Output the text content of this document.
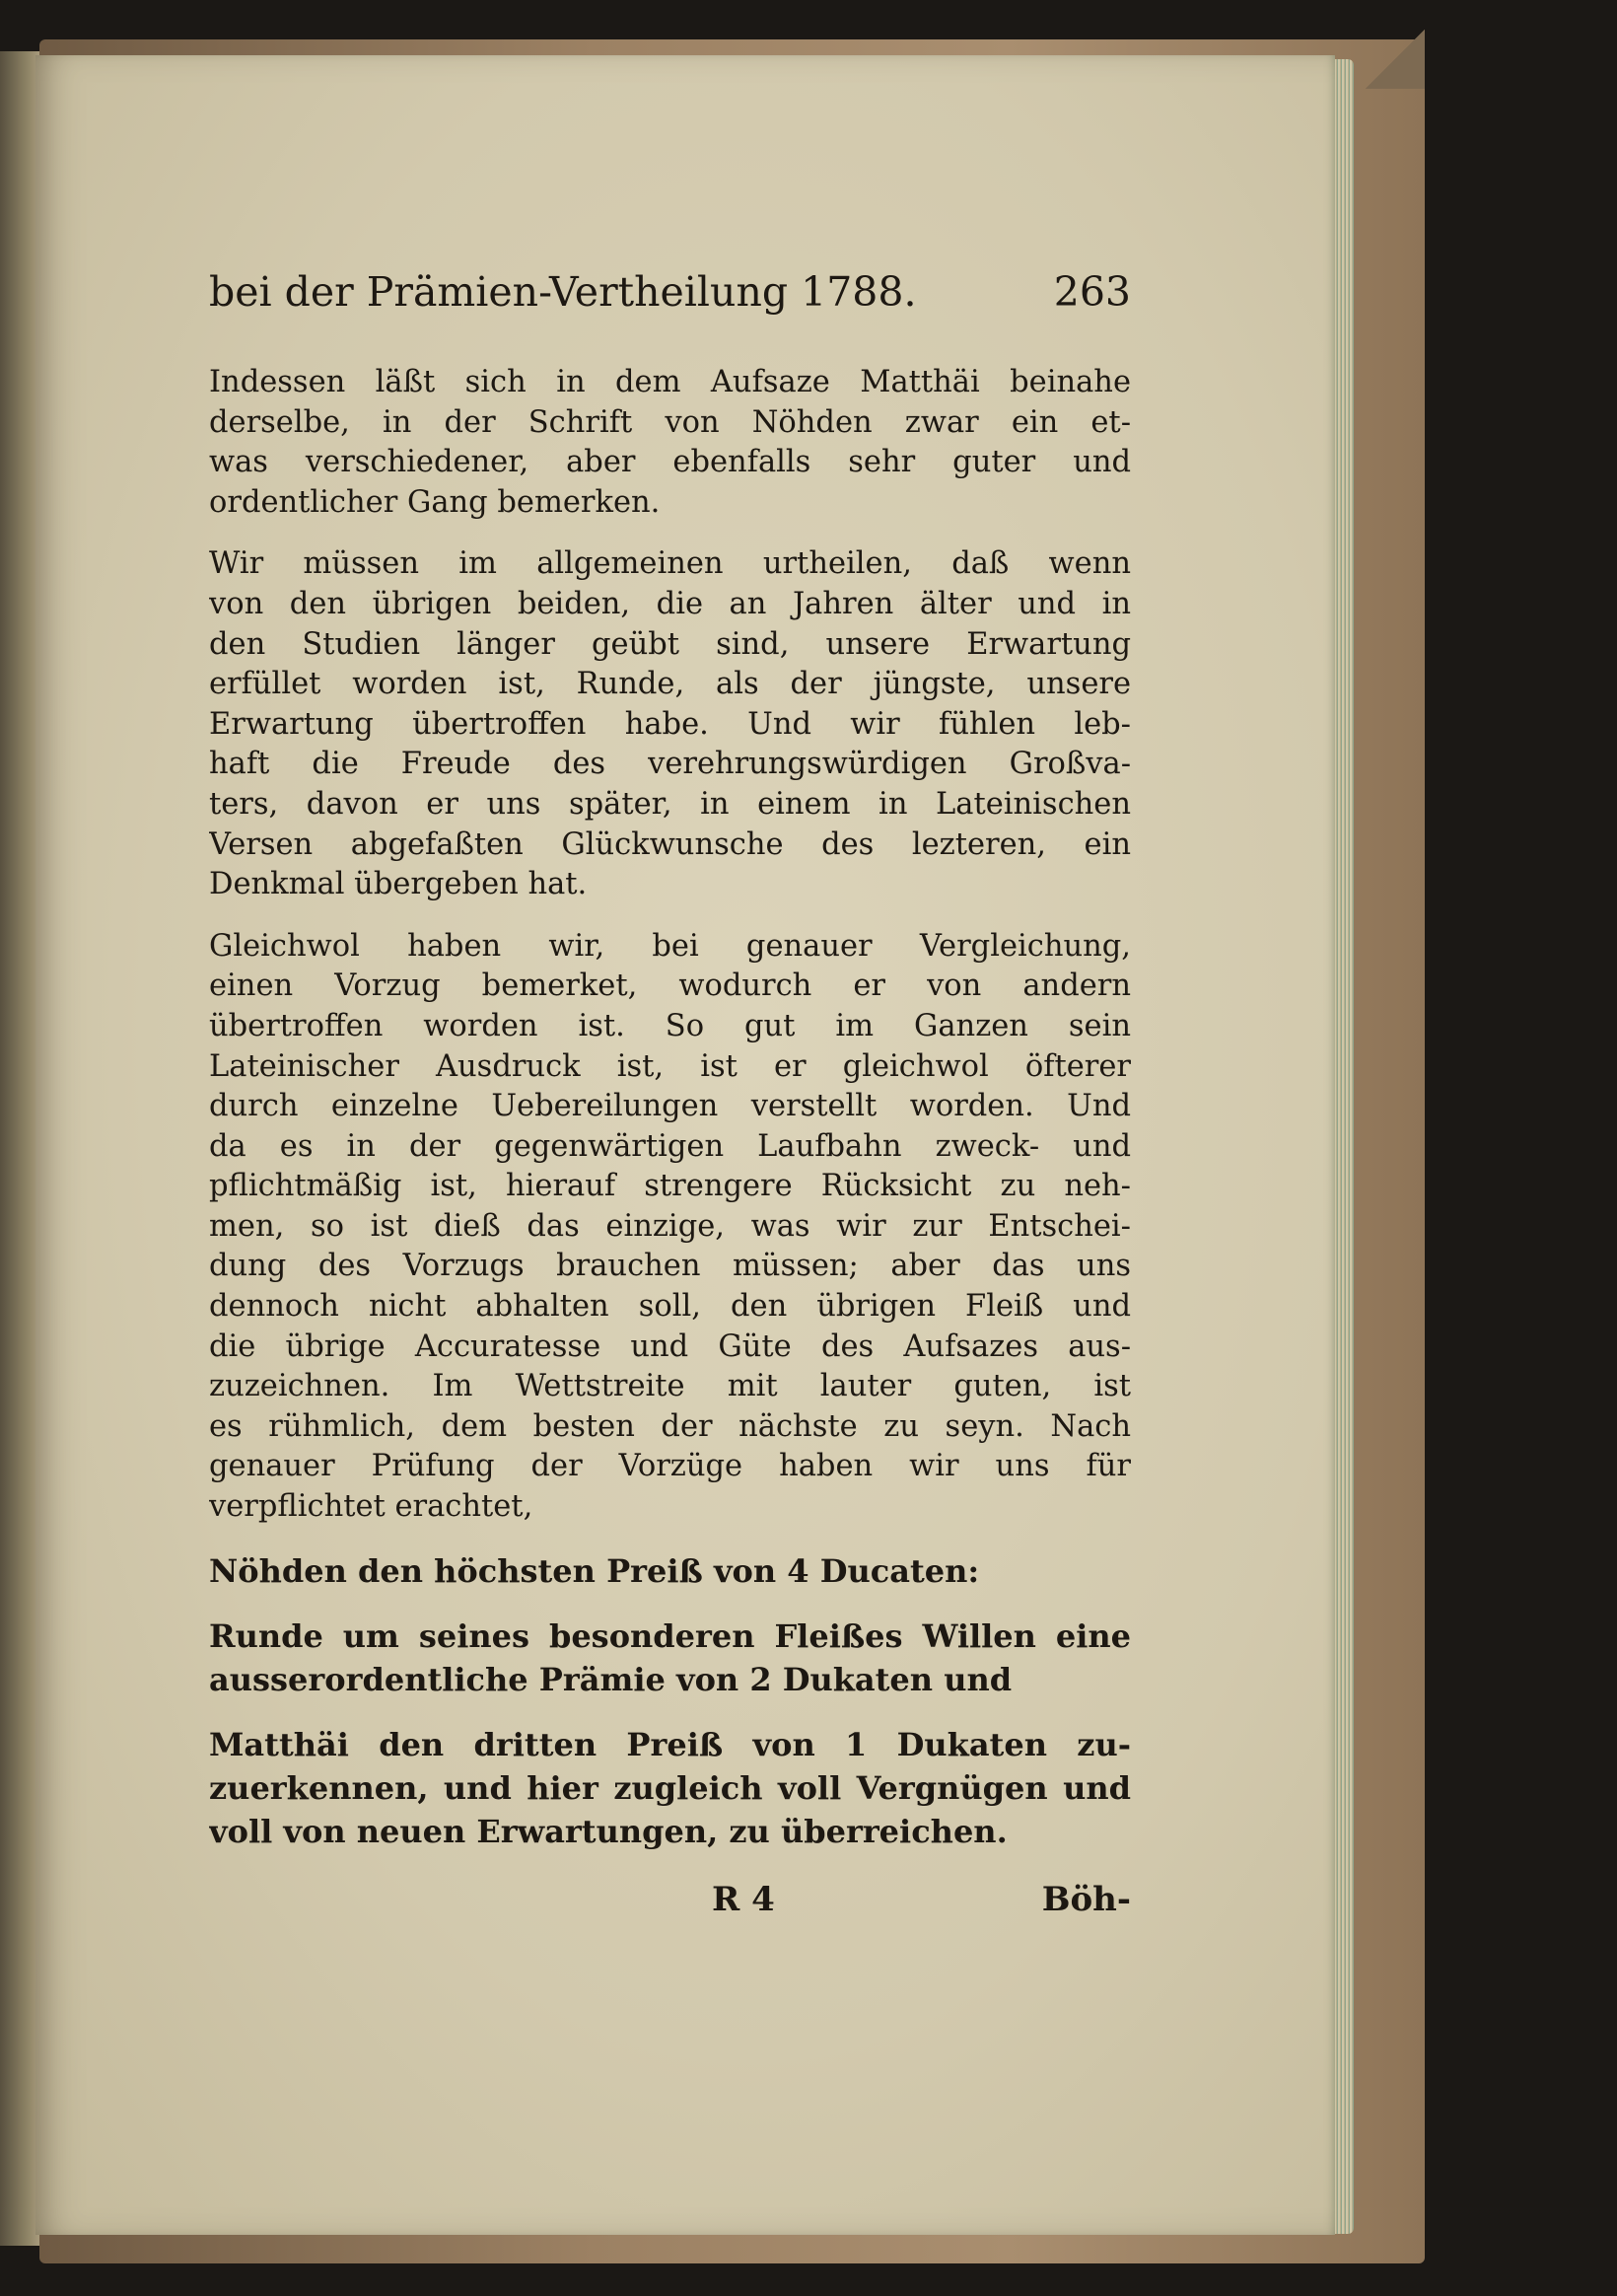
bei der Prämien-Vertheilung 1788.	263
Indessen läßt sich in dem Aufsaze Matthäi beinahe
derselbe, in der Schrift von Nöhden zwar ein et-
was verschiedener, aber ebenfalls sehr guter und
ordentlicher Gang bemerken.
Wir müssen im allgemeinen urtheilen, daß wenn
von den übrigen beiden, die an Jahren älter und in
den Studien länger geübt sind, unsere Erwartung
erfüllet worden ist, Runde, als der jüngste, unsere
Erwartung übertroffen habe. Und wir fühlen leb-
haft die Freude des verehrungswürdigen Großva-
ters, davon er uns später, in einem in Lateinischen
Versen abgefaßten Glückwunsche des lezteren, ein
Denkmal übergeben hat.
Gleichwol haben wir, bei genauer Vergleichung,
einen Vorzug bemerket, wodurch er von andern
übertroffen worden ist. So gut im Ganzen sein
Lateinischer Ausdruck ist, ist er gleichwol öfterer
durch einzelne Uebereilungen verstellt worden. Und
da es in der gegenwärtigen Laufbahn zweck- und
pflichtmäßig ist, hierauf strengere Rücksicht zu neh-
men, so ist dieß das einzige, was wir zur Entschei-
dung des Vorzugs brauchen müssen; aber das uns
dennoch nicht abhalten soll, den übrigen Fleiß und
die übrige Accuratesse und Güte des Aufsazes aus-
zuzeichnen. Im Wettstreite mit lauter guten, ist
es rühmlich, dem besten der nächste zu seyn. Nach
genauer Prüfung der Vorzüge haben wir uns für
verpflichtet erachtet,
Nöhden den höchsten Preiß von 4 Ducaten:
Runde um seines besonderen Fleißes Willen eine
ausserordentliche Prämie von 2 Dukaten und
Matthäi den dritten Preiß von 1 Dukaten zu-
zuerkennen, und hier zugleich voll Vergnügen und
voll von neuen Erwartungen, zu überreichen.
R 4	Böh-
